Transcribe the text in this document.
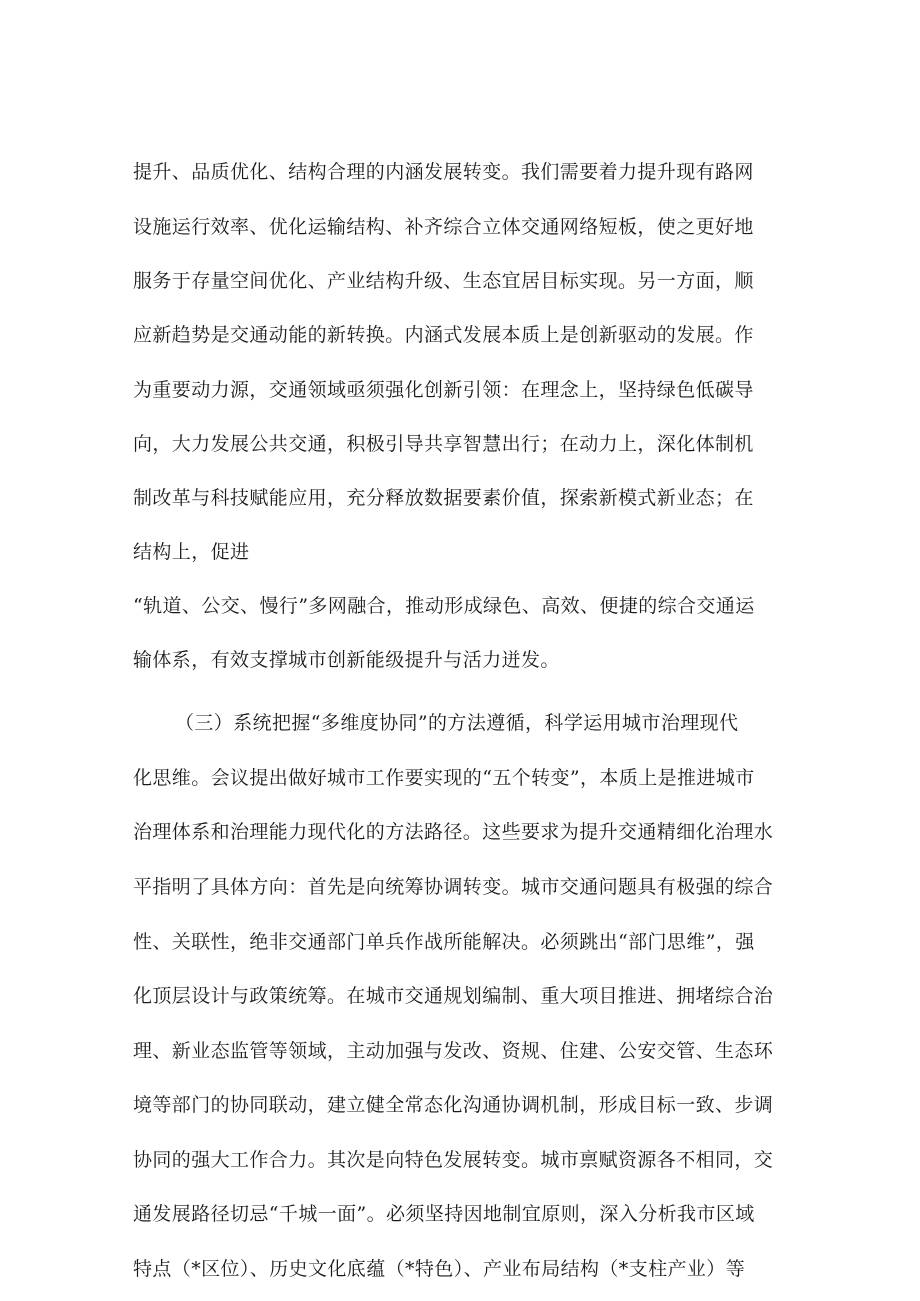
提升、品质优化、结构合理的内涵发展转变。我们需要着力提升现有路网
设施运行效率、优化运输结构、补齐综合立体交通网络短板，使之更好地
服务于存量空间优化、产业结构升级、生态宜居目标实现。另一方面，顺
应新趋势是交通动能的新转换。内涵式发展本质上是创新驱动的发展。作
为重要动力源，交通领域亟须强化创新引领：在理念上，坚持绿色低碳导
向，大力发展公共交通，积极引导共享智慧出行；在动力上，深化体制机
制改革与科技赋能应用，充分释放数据要素价值，探索新模式新业态；在
结构上，促进
“轨道、公交、慢行”多网融合，推动形成绿色、高效、便捷的综合交通运
输体系，有效支撑城市创新能级提升与活力迸发。
（三）系统把握“多维度协同”的方法遵循，科学运用城市治理现代
化思维。会议提出做好城市工作要实现的“五个转变”，本质上是推进城市
治理体系和治理能力现代化的方法路径。这些要求为提升交通精细化治理水
平指明了具体方向：首先是向统筹协调转变。城市交通问题具有极强的综合
性、关联性，绝非交通部门单兵作战所能解决。必须跳出“部门思维”，强
化顶层设计与政策统筹。在城市交通规划编制、重大项目推进、拥堵综合治
理、新业态监管等领域，主动加强与发改、资规、住建、公安交管、生态环
境等部门的协同联动，建立健全常态化沟通协调机制，形成目标一致、步调
协同的强大工作合力。其次是向特色发展转变。城市禀赋资源各不相同，交
通发展路径切忌“千城一面”。必须坚持因地制宜原则，深入分析我市区域
特点（*区位）、历史文化底蕴（*特色）、产业布局结构（*支柱产业）等
